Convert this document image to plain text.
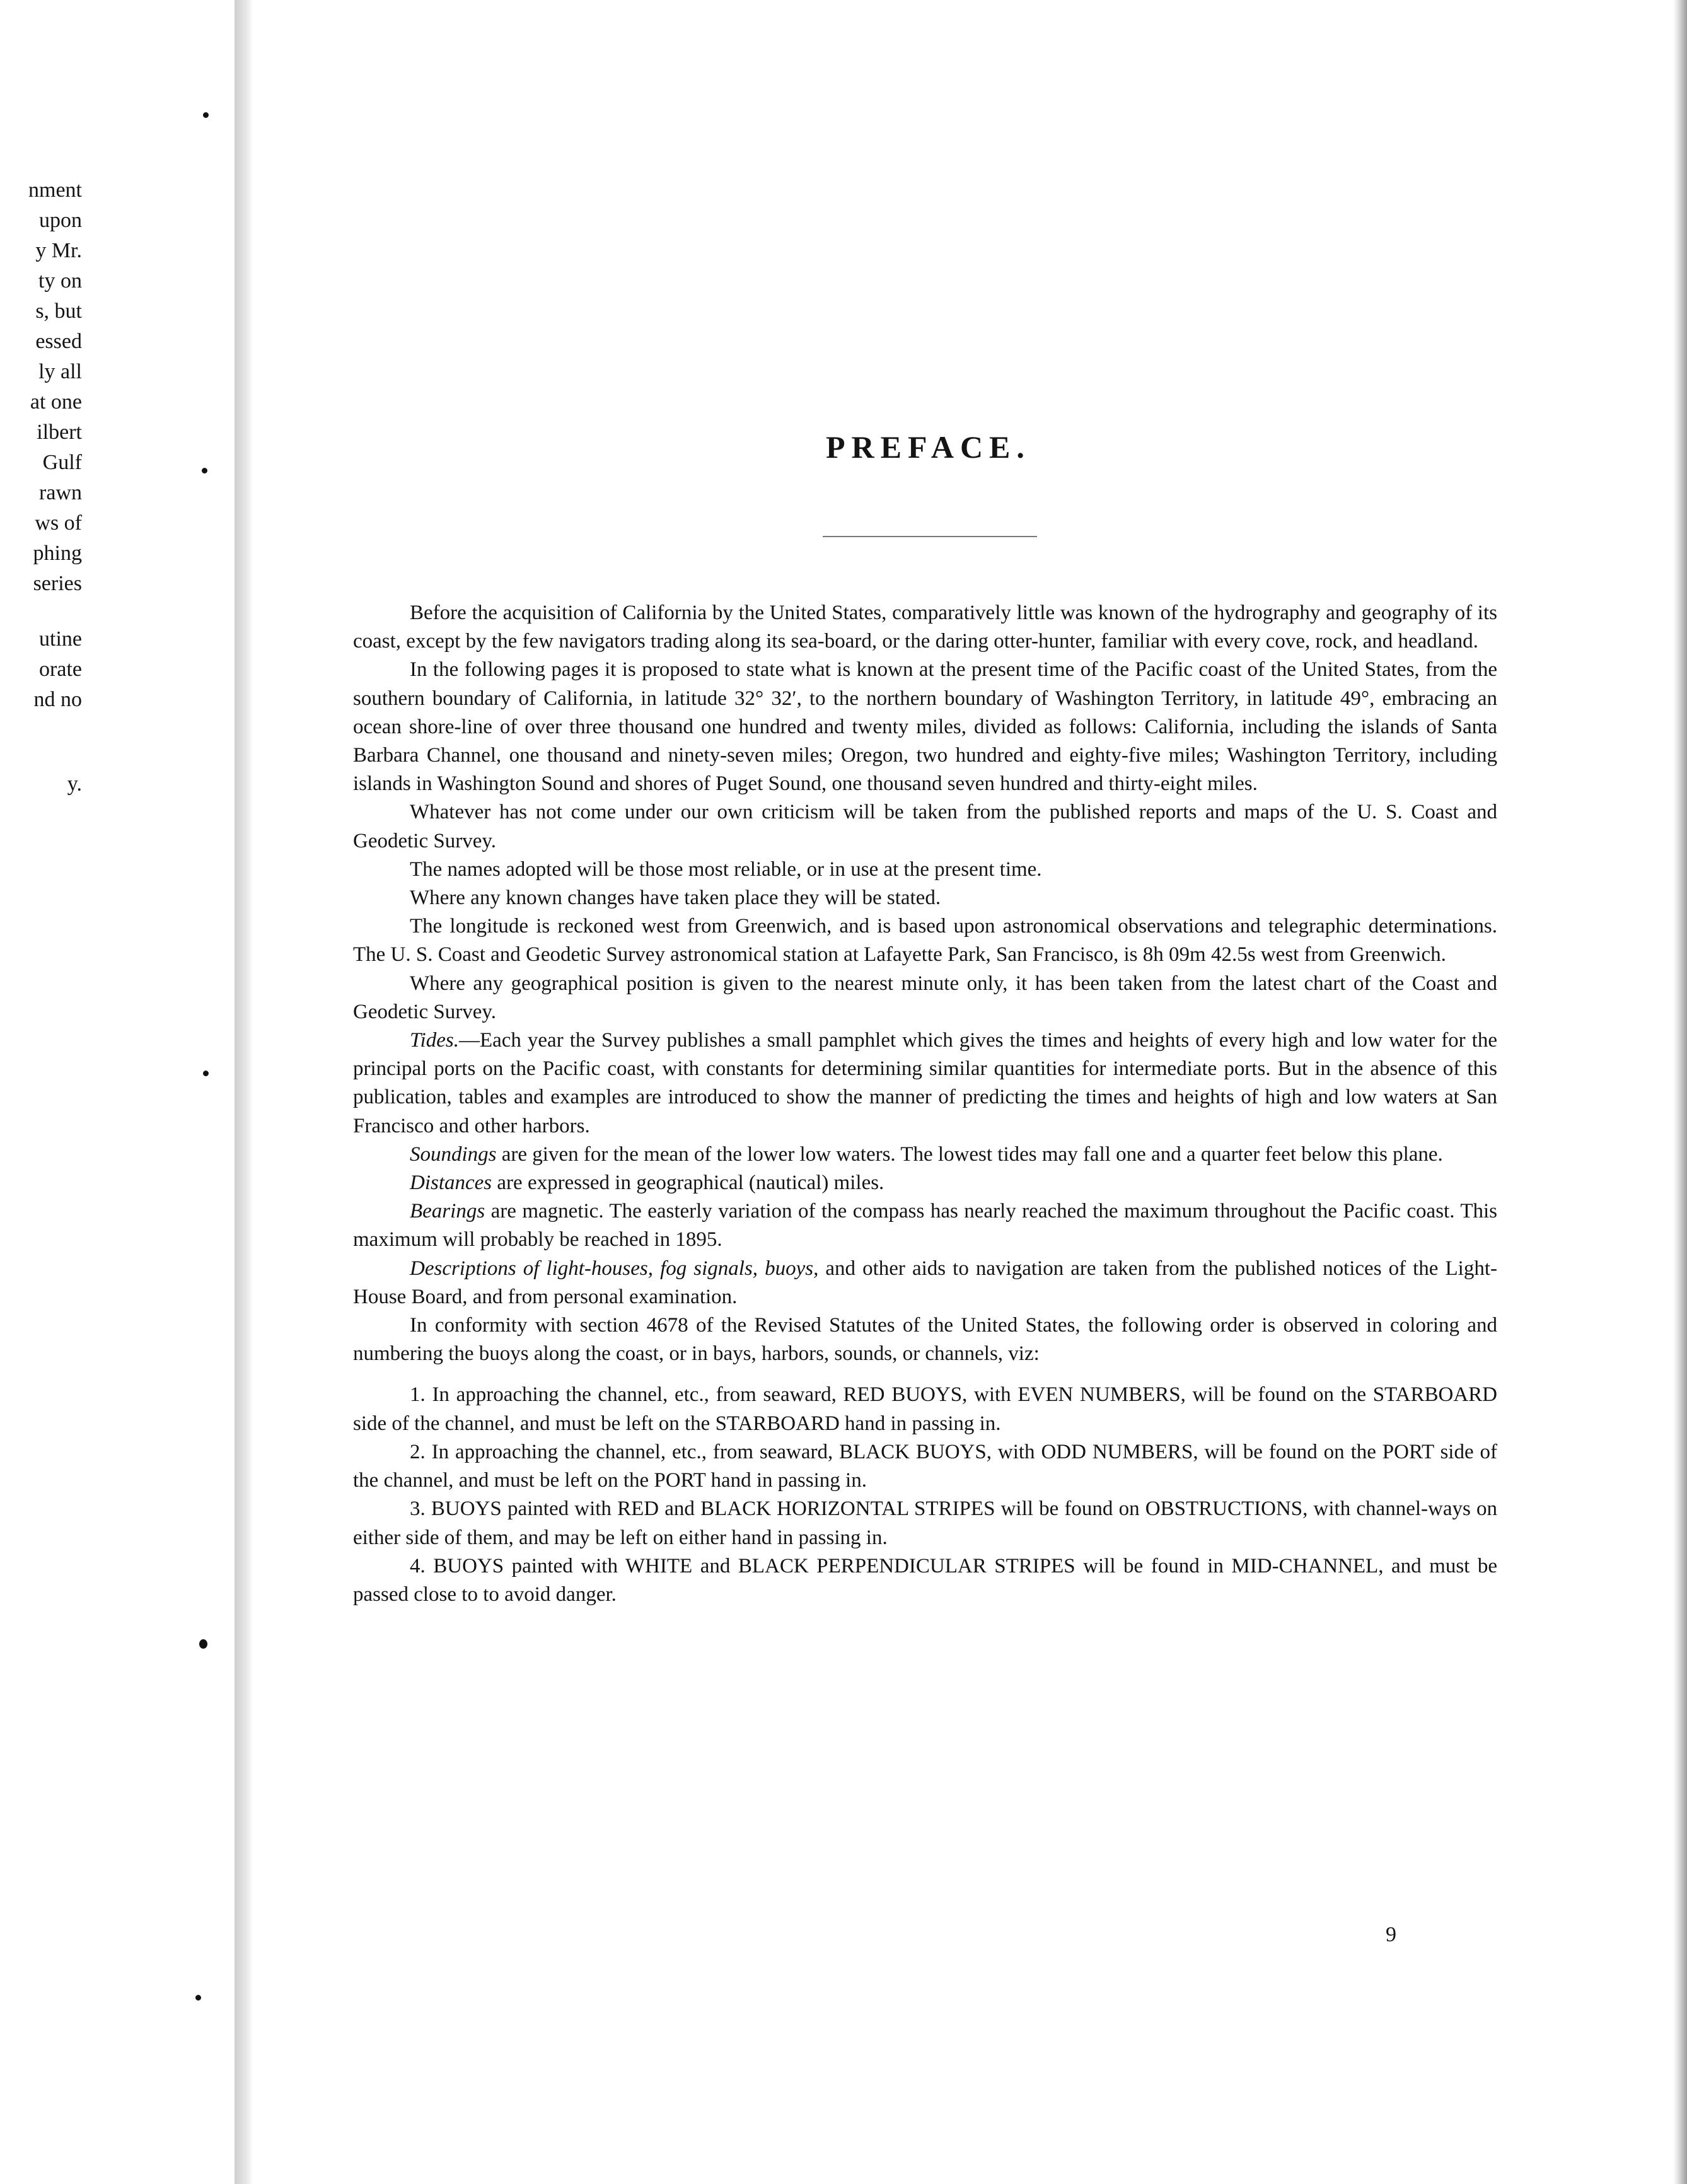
nment
upon
y Mr.
ty on
s, but
essed
ly all
at one
ilbert
Gulf
rawn
ws of
phing
series
utine
orate
nd no
y.
PREFACE.

Before the acquisition of California by the United States, comparatively little was known of the hydrography and geography of its coast, except by the few navigators trading along its sea-board, or the daring otter-hunter, familiar with every cove, rock, and headland.

In the following pages it is proposed to state what is known at the present time of the Pacific coast of the United States, from the southern boundary of California, in latitude 32° 32′, to the northern boundary of Washington Territory, in latitude 49°, embracing an ocean shore-line of over three thousand one hundred and twenty miles, divided as follows: California, including the islands of Santa Barbara Channel, one thousand and ninety-seven miles; Oregon, two hundred and eighty-five miles; Washington Territory, including islands in Washington Sound and shores of Puget Sound, one thousand seven hundred and thirty-eight miles.

Whatever has not come under our own criticism will be taken from the published reports and maps of the U. S. Coast and Geodetic Survey.

The names adopted will be those most reliable, or in use at the present time.

Where any known changes have taken place they will be stated.

The longitude is reckoned west from Greenwich, and is based upon astronomical observations and telegraphic determinations. The U. S. Coast and Geodetic Survey astronomical station at Lafayette Park, San Francisco, is 8h 09m 42.5s west from Greenwich.

Where any geographical position is given to the nearest minute only, it has been taken from the latest chart of the Coast and Geodetic Survey.

Tides.—Each year the Survey publishes a small pamphlet which gives the times and heights of every high and low water for the principal ports on the Pacific coast, with constants for determining similar quantities for intermediate ports. But in the absence of this publication, tables and examples are introduced to show the manner of predicting the times and heights of high and low waters at San Francisco and other harbors.

Soundings are given for the mean of the lower low waters. The lowest tides may fall one and a quarter feet below this plane.

Distances are expressed in geographical (nautical) miles.

Bearings are magnetic. The easterly variation of the compass has nearly reached the maximum throughout the Pacific coast. This maximum will probably be reached in 1895.

Descriptions of light-houses, fog signals, buoys, and other aids to navigation are taken from the published notices of the Light-House Board, and from personal examination.

In conformity with section 4678 of the Revised Statutes of the United States, the following order is observed in coloring and numbering the buoys along the coast, or in bays, harbors, sounds, or channels, viz:

1. In approaching the channel, etc., from seaward, RED BUOYS, with EVEN NUMBERS, will be found on the STARBOARD side of the channel, and must be left on the STARBOARD hand in passing in.

2. In approaching the channel, etc., from seaward, BLACK BUOYS, with ODD NUMBERS, will be found on the PORT side of the channel, and must be left on the PORT hand in passing in.

3. BUOYS painted with RED and BLACK HORIZONTAL STRIPES will be found on OBSTRUCTIONS, with channel-ways on either side of them, and may be left on either hand in passing in.

4. BUOYS painted with WHITE and BLACK PERPENDICULAR STRIPES will be found in MID-CHANNEL, and must be passed close to to avoid danger.

9
